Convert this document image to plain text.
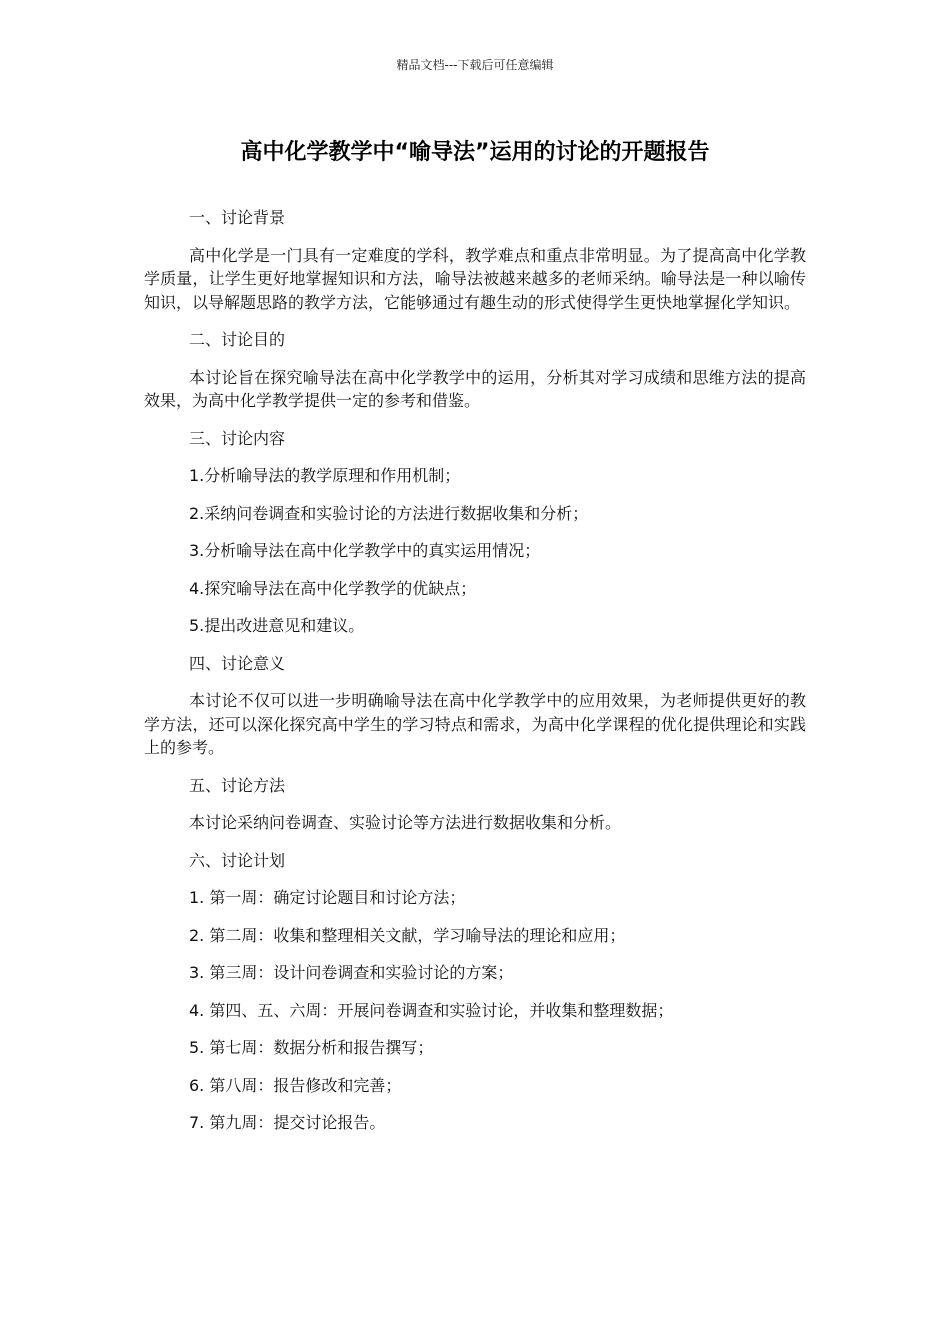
精品文档---下载后可任意编辑
高中化学教学中“喻导法”运用的讨论的开题报告

一、讨论背景

高中化学是一门具有一定难度的学科，教学难点和重点非常明显。为了提高高中化学教学质量，让学生更好地掌握知识和方法，喻导法被越来越多的老师采纳。喻导法是一种以喻传知识，以导解题思路的教学方法，它能够通过有趣生动的形式使得学生更快地掌握化学知识。

二、讨论目的

本讨论旨在探究喻导法在高中化学教学中的运用，分析其对学习成绩和思维方法的提高效果，为高中化学教学提供一定的参考和借鉴。

三、讨论内容

1.分析喻导法的教学原理和作用机制；

2.采纳问卷调查和实验讨论的方法进行数据收集和分析；

3.分析喻导法在高中化学教学中的真实运用情况；

4.探究喻导法在高中化学教学的优缺点；

5.提出改进意见和建议。

四、讨论意义

本讨论不仅可以进一步明确喻导法在高中化学教学中的应用效果，为老师提供更好的教学方法，还可以深化探究高中学生的学习特点和需求，为高中化学课程的优化提供理论和实践上的参考。

五、讨论方法

本讨论采纳问卷调查、实验讨论等方法进行数据收集和分析。

六、讨论计划

1. 第一周：确定讨论题目和讨论方法；

2. 第二周：收集和整理相关文献，学习喻导法的理论和应用；

3. 第三周：设计问卷调查和实验讨论的方案；

4. 第四、五、六周：开展问卷调查和实验讨论，并收集和整理数据；

5. 第七周：数据分析和报告撰写；

6. 第八周：报告修改和完善；

7. 第九周：提交讨论报告。
